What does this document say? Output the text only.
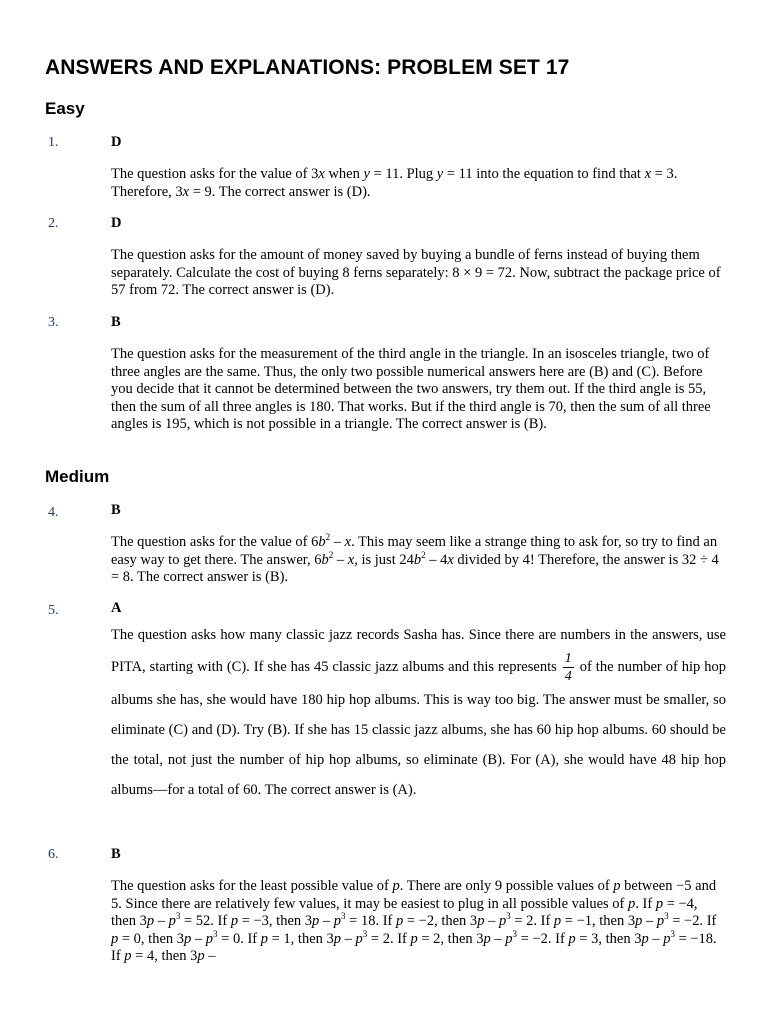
ANSWERS AND EXPLANATIONS: PROBLEM SET 17
Easy
1.	D

The question asks for the value of 3x when y = 11. Plug y = 11 into the equation to find that x = 3. Therefore, 3x = 9. The correct answer is (D).

2.	D

The question asks for the amount of money saved by buying a bundle of ferns instead of buying them separately. Calculate the cost of buying 8 ferns separately: 8 × 9 = 72. Now, subtract the package price of 57 from 72. The correct answer is (D).

3.	B

The question asks for the measurement of the third angle in the triangle. In an isosceles triangle, two of three angles are the same. Thus, the only two possible numerical answers here are (B) and (C). Before you decide that it cannot be determined between the two answers, try them out. If the third angle is 55, then the sum of all three angles is 180. That works. But if the third angle is 70, then the sum of all three angles is 195, which is not possible in a triangle. The correct answer is (B).

Medium
4.	B

The question asks for the value of $6b^2$ – x. This may seem like a strange thing to ask for, so try to find an easy way to get there. The answer, $6b^2$ – x, is just $24b^2 - 4x$ divided by 4! Therefore, the answer is 32 ÷ 4 = 8. The correct answer is (B).

5.	A

The question asks how many classic jazz records Sasha has. Since there are numbers in the answers, use PITA, starting with (C). If she has 45 classic jazz albums and this represents $\frac{1}{4}$ of the number of hip hop albums she has, she would have 180 hip hop albums. This is way too big. The answer must be smaller, so eliminate (C) and (D). Try (B). If she has 15 classic jazz albums, she has 60 hip hop albums. 60 should be the total, not just the number of hip hop albums, so eliminate (B). For (A), she would have 48 hip hop albums—for a total of 60. The correct answer is (A).

6.	B

The question asks for the least possible value of p. There are only 9 possible values of p between −5 and 5. Since there are relatively few values, it may be easiest to plug in all possible values of p. If p = −4, then $3p - p^3 = 52$. If p = −3, then $3p - p^3 = 18$. If p = −2, then $3p - p^3 = 2$. If p = −1, then $3p - p^3 = -2$. If p = 0, then $3p - p^3 = 0$. If p = 1, then $3p - p^3 = 2$. If p = 2, then $3p - p^3 = -2$. If p = 3, then $3p - p^3 = -18$. If p = 4, then 3p –
